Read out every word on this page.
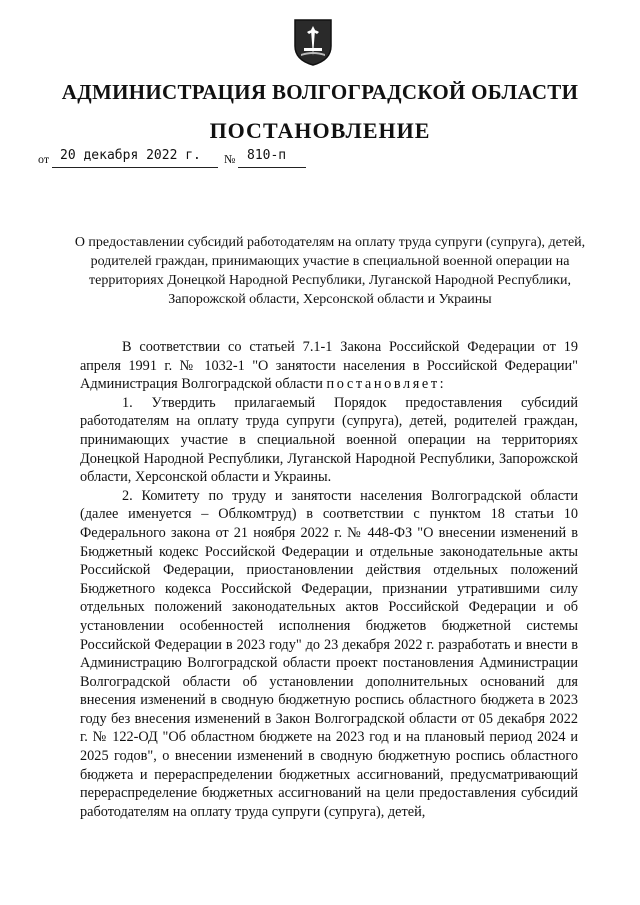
АДМИНИСТРАЦИЯ ВОЛГОГРАДСКОЙ ОБЛАСТИ
ПОСТАНОВЛЕНИЕ
от 20 декабря 2022 г. № 810-п
О предоставлении субсидий работодателям на оплату труда супруги (супруга), детей, родителей граждан, принимающих участие в специальной военной операции на территориях Донецкой Народной Республики, Луганской Народной Республики, Запорожской области, Херсонской области и Украины

В соответствии со статьей 7.1-1 Закона Российской Федерации от 19 апреля 1991 г. № 1032-1 "О занятости населения в Российской Федерации" Администрация Волгоградской области постановляет:

1. Утвердить прилагаемый Порядок предоставления субсидий работодателям на оплату труда супруги (супруга), детей, родителей граждан, принимающих участие в специальной военной операции на территориях Донецкой Народной Республики, Луганской Народной Республики, Запорожской области, Херсонской области и Украины.

2. Комитету по труду и занятости населения Волгоградской области (далее именуется – Облкомтруд) в соответствии с пунктом 18 статьи 10 Федерального закона от 21 ноября 2022 г. № 448-ФЗ "О внесении изменений в Бюджетный кодекс Российской Федерации и отдельные законодательные акты Российской Федерации, приостановлении действия отдельных положений Бюджетного кодекса Российской Федерации, признании утратившими силу отдельных положений законодательных актов Российской Федерации и об установлении особенностей исполнения бюджетов бюджетной системы Российской Федерации в 2023 году" до 23 декабря 2022 г. разработать и внести в Администрацию Волгоградской области проект постановления Администрации Волгоградской области об установлении дополнительных оснований для внесения изменений в сводную бюджетную роспись областного бюджета в 2023 году без внесения изменений в Закон Волгоградской области от 05 декабря 2022 г. № 122-ОД "Об областном бюджете на 2023 год и на плановый период 2024 и 2025 годов", о внесении изменений в сводную бюджетную роспись областного бюджета и перераспределении бюджетных ассигнований, предусматривающий перераспределение бюджетных ассигнований на цели предоставления субсидий работодателям на оплату труда супруги (супруга), детей,
